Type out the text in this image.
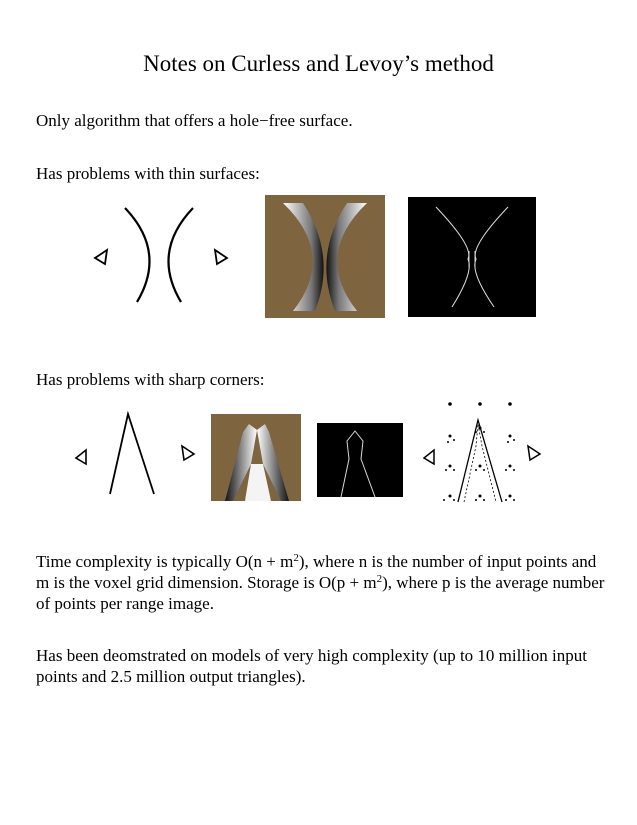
Notes on Curless and Levoy’s method
Only algorithm that offers a hole−free surface.
Has problems with thin surfaces:
Has problems with sharp corners:
Time complexity is typically $O(n + m^2)$, where n is the number of input points and m is the voxel grid dimension. Storage is $O(p + m^2)$, where p is the average number of points per range image.
Has been deomstrated on models of very high complexity (up to 10 million input points and 2.5 million output triangles).
